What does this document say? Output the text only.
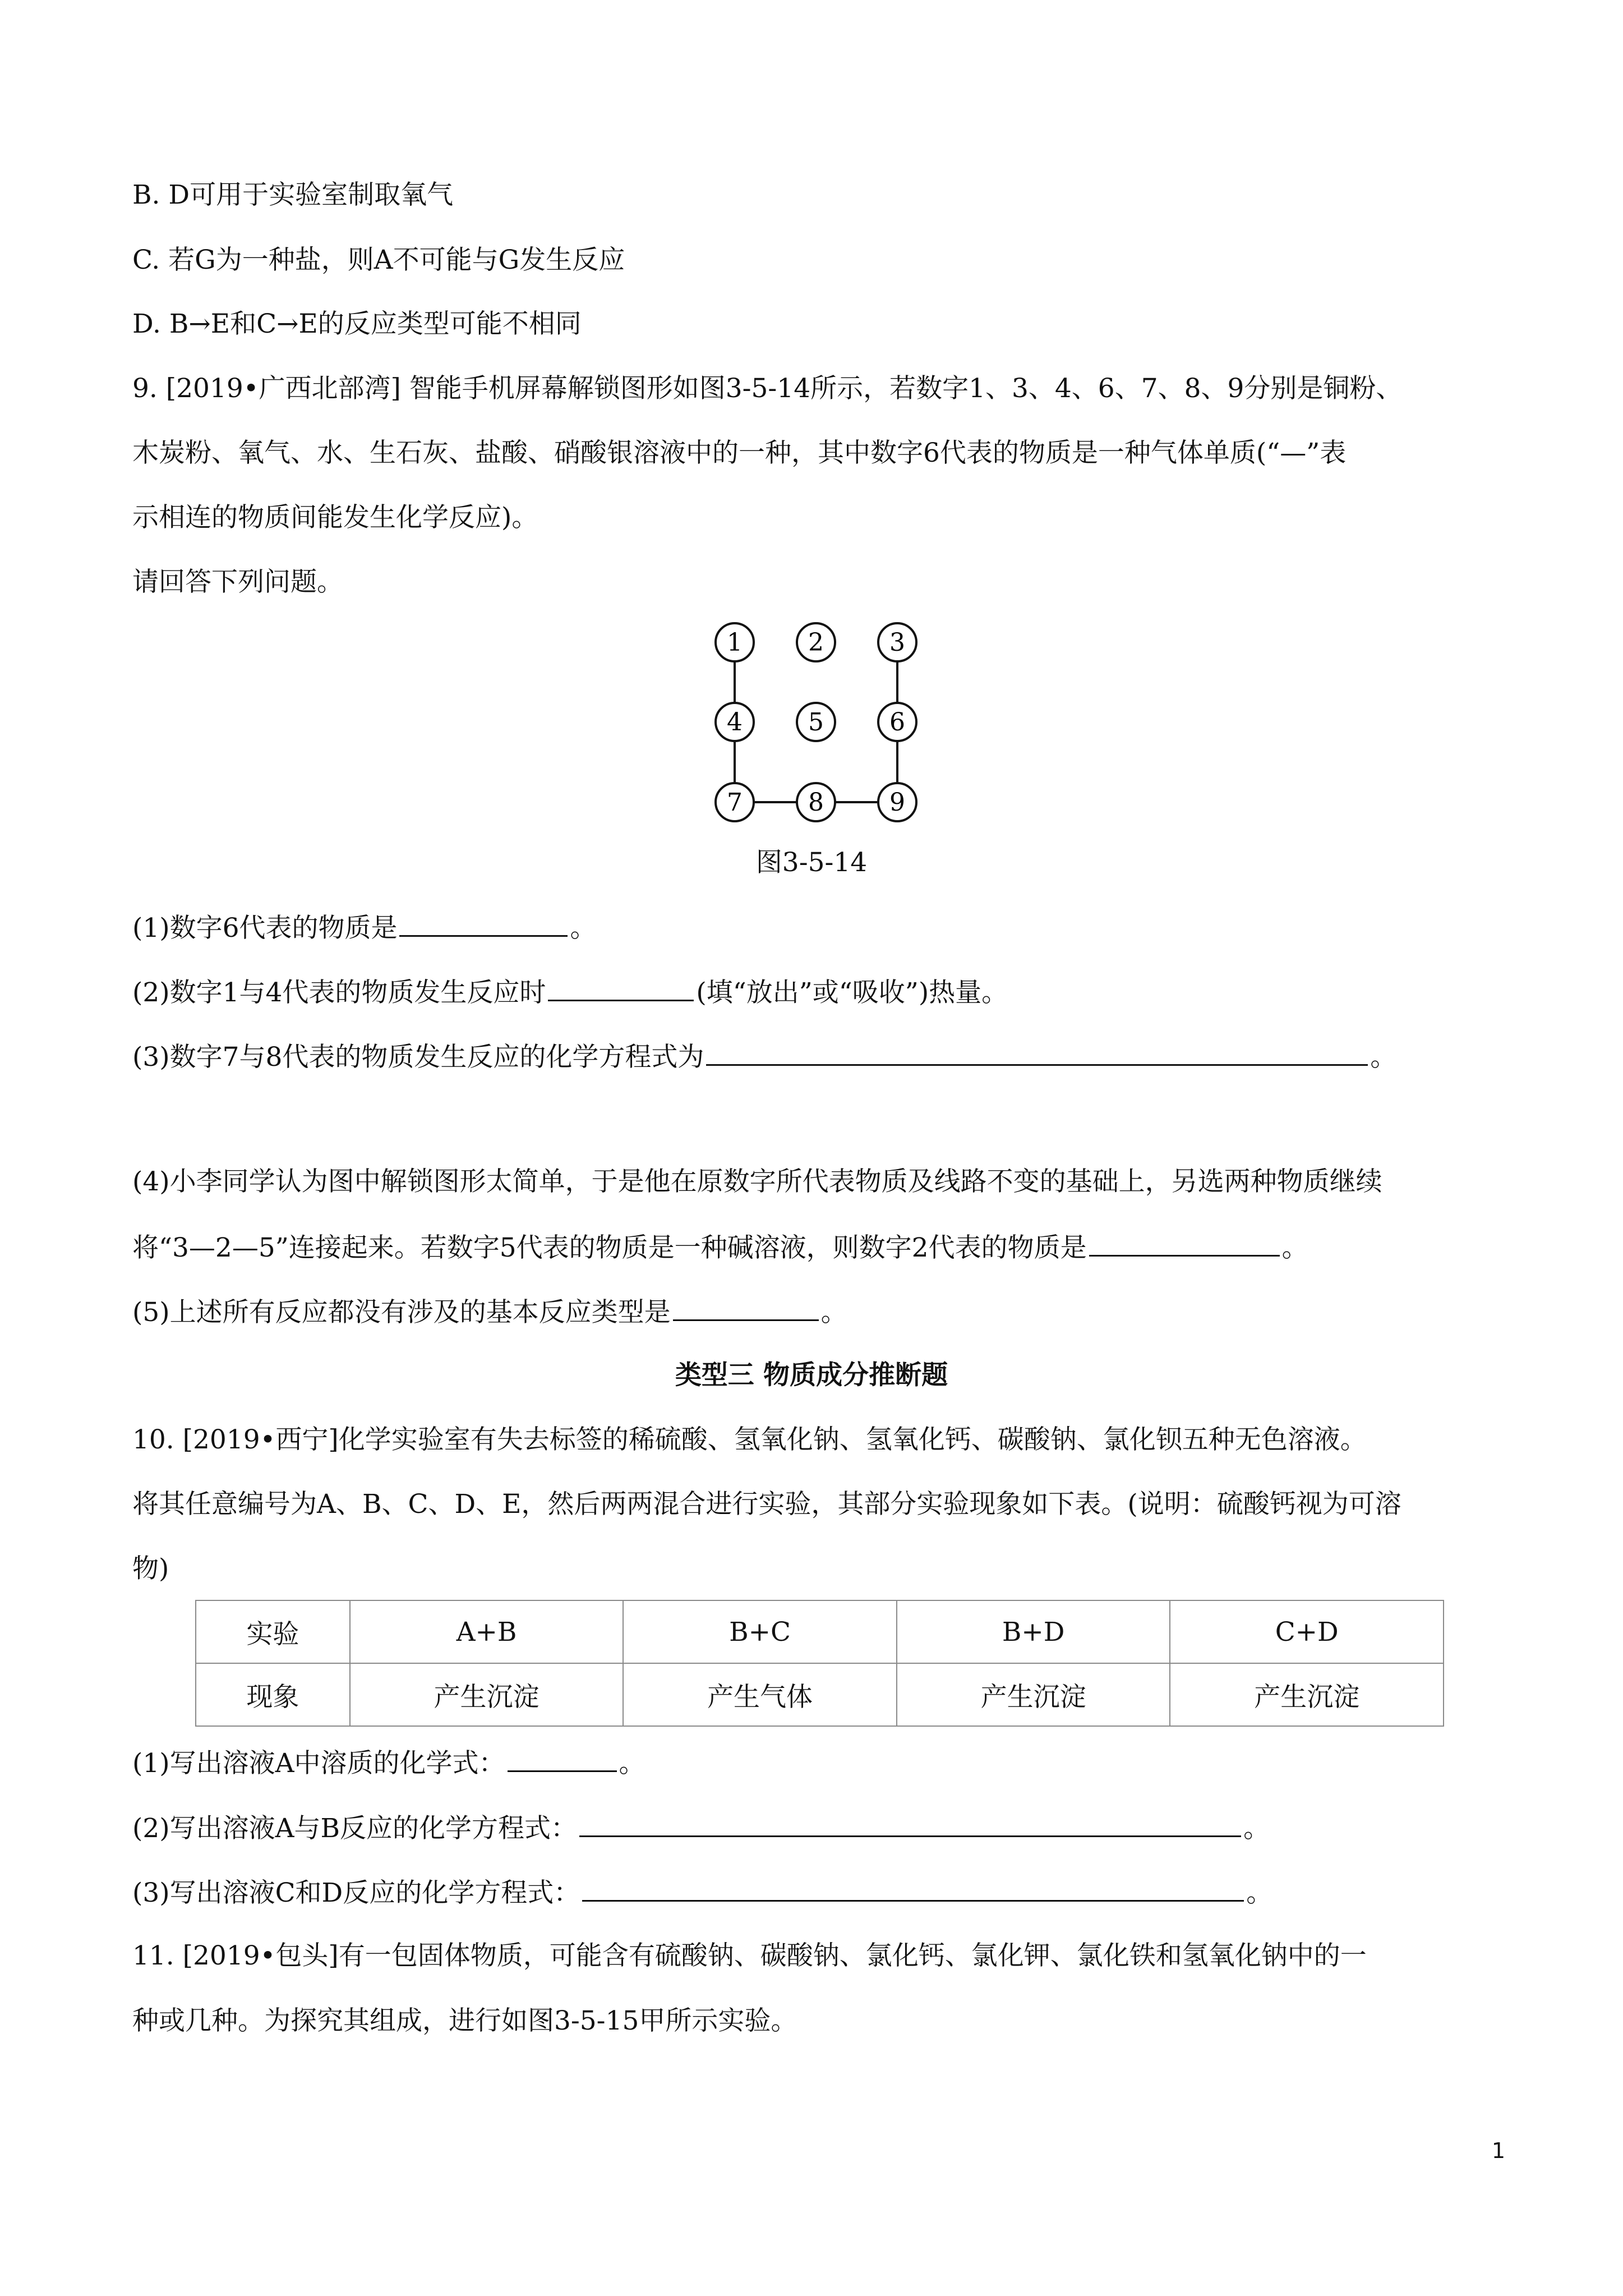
B. D可用于实验室制取氧气
C. 若G为一种盐，则A不可能与G发生反应
D. B→E和C→E的反应类型可能不相同
9. [2019•广西北部湾] 智能手机屏幕解锁图形如图3-5-14所示，若数字1、3、4、6、7、8、9分别是铜粉、
木炭粉、氧气、水、生石灰、盐酸、硝酸银溶液中的一种，其中数字6代表的物质是一种气体单质(“—”表
示相连的物质间能发生化学反应)。
请回答下列问题。
1	2	3
4	5	6
7	8	9
图3-5-14
(1)数字6代表的物质是	。
(2)数字1与4代表的物质发生反应时	(填“放出”或“吸收”)热量。
(3)数字7与8代表的物质发生反应的化学方程式为	。
(4)小李同学认为图中解锁图形太简单，于是他在原数字所代表物质及线路不变的基础上，另选两种物质继续
将“3—2—5”连接起来。若数字5代表的物质是一种碱溶液，则数字2代表的物质是	。
(5)上述所有反应都没有涉及的基本反应类型是	。
类型三 物质成分推断题
10. [2019•西宁]化学实验室有失去标签的稀硫酸、氢氧化钠、氢氧化钙、碳酸钠、氯化钡五种无色溶液。
将其任意编号为A、B、C、D、E，然后两两混合进行实验，其部分实验现象如下表。(说明：硫酸钙视为可溶
物)
实验	A+B	B+C	B+D	C+D
现象	产生沉淀	产生气体	产生沉淀	产生沉淀
(1)写出溶液A中溶质的化学式：	。
(2)写出溶液A与B反应的化学方程式：	。
(3)写出溶液C和D反应的化学方程式：	。
11. [2019•包头]有一包固体物质，可能含有硫酸钠、碳酸钠、氯化钙、氯化钾、氯化铁和氢氧化钠中的一
种或几种。为探究其组成，进行如图3-5-15甲所示实验。
1
